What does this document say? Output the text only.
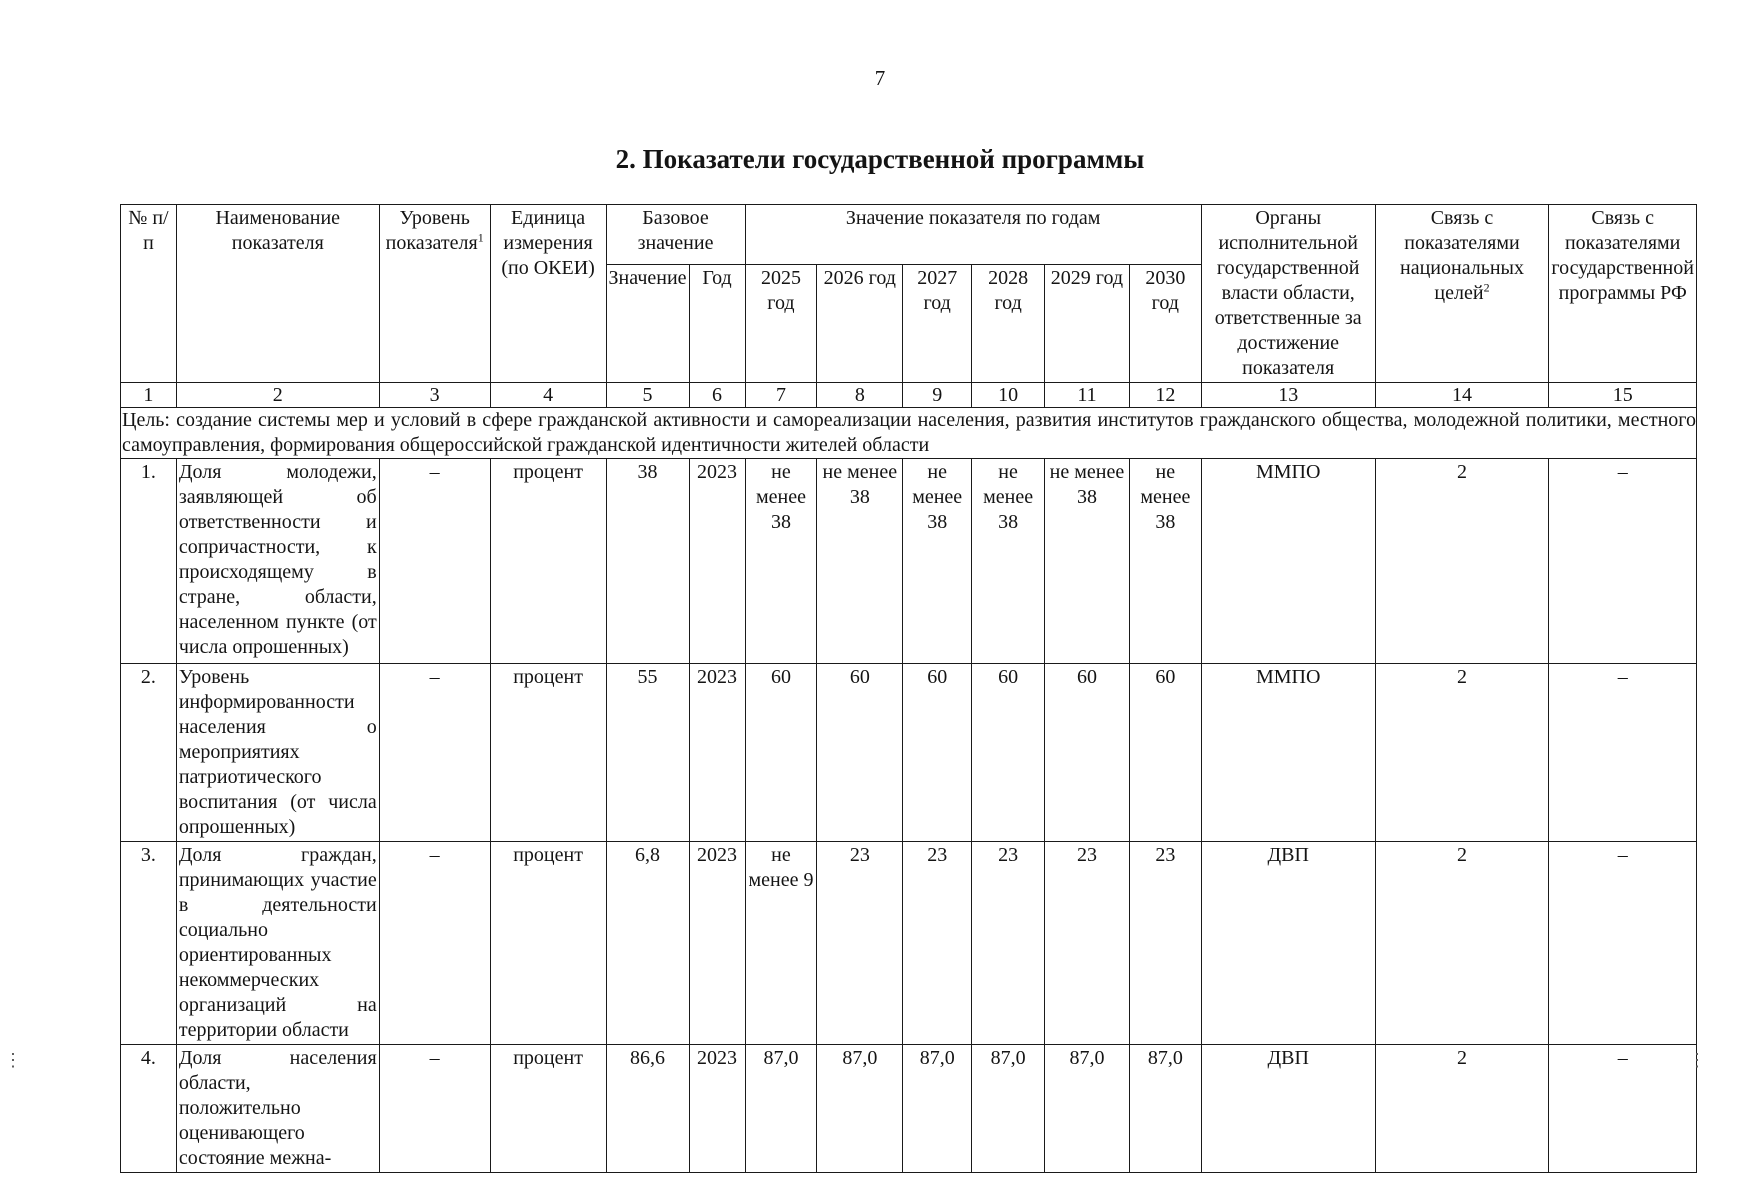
7
2. Показатели государственной программы
№ п/п	Наименование показателя	Уровень показателя$^1$	Единица измерения (по ОКЕИ)	Базовое значение		Значение показателя по годам						Органы исполнительной государственной власти области, ответственные за достижение показателя	Связь с показателями национальных целей$^2$	Связь с показателями государственной программы РФ
				Значение	Год	2025 год	2026 год	2027 год	2028 год	2029 год	2030 год			
1	2	3	4	5	6	7	8	9	10	11	12	13	14	15
Цель: создание системы мер и условий в сфере гражданской активности и самореализации населения, развития институтов гражданского общества, молодежной политики, местного самоуправления, формирования общероссийской гражданской идентичности жителей области														
1.	Доля молодежи, заявляющей об ответственности и сопричастности, к происходящему в стране, области, населенном пункте (от числа опрошенных)	–	процент	38	2023	не менее 38	не менее 38	не менее 38	не менее 38	не менее 38	не менее 38	ММПО	2	–
2.	Уровень информированности населения о мероприятиях патриотического воспитания (от числа опрошенных)	–	процент	55	2023	60	60	60	60	60	60	ММПО	2	–
3.	Доля граждан, принимающих участие в деятельности социально ориентированных некоммерческих организаций на территории области	–	процент	6,8	2023	не менее 9	23	23	23	23	23	ДВП	2	–
4.	Доля населения области, положительно оценивающего состояние межна-	–	процент	86,6	2023	87,0	87,0	87,0	87,0	87,0	87,0	ДВП	2	–
⋮	⋮
